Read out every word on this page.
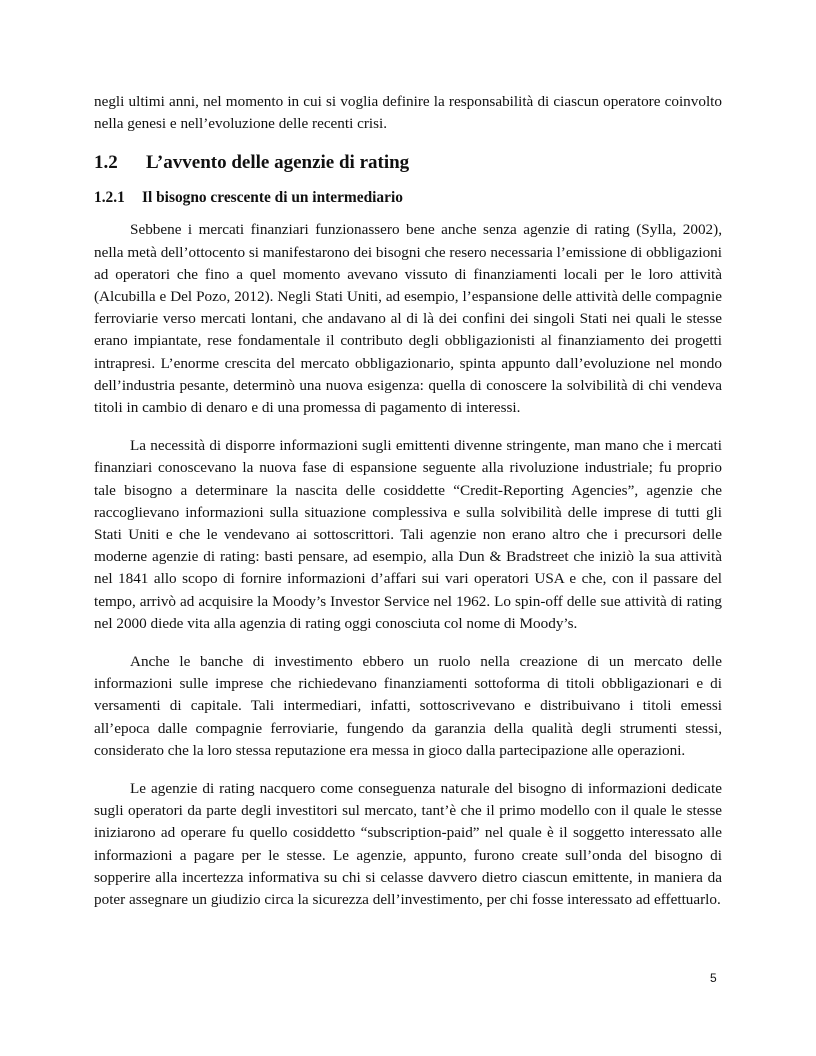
negli ultimi anni, nel momento in cui si voglia definire la responsabilità di ciascun operatore coinvolto nella genesi e nell’evoluzione delle recenti crisi.

1.2	L’avvento delle agenzie di rating
1.2.1	Il bisogno crescente di un intermediario

Sebbene i mercati finanziari funzionassero bene anche senza agenzie di rating (Sylla, 2002), nella metà dell’ottocento si manifestarono dei bisogni che resero necessaria l’emissione di obbligazioni ad operatori che fino a quel momento avevano vissuto di finanziamenti locali per le loro attività (Alcubilla e Del Pozo, 2012). Negli Stati Uniti, ad esempio, l’espansione delle attività delle compagnie ferroviarie verso mercati lontani, che andavano al di là dei confini dei singoli Stati nei quali le stesse erano impiantate, rese fondamentale il contributo degli obbligazionisti al finanziamento dei progetti intrapresi. L’enorme crescita del mercato obbligazionario, spinta appunto dall’evoluzione nel mondo dell’industria pesante, determinò una nuova esigenza: quella di conoscere la solvibilità di chi vendeva titoli in cambio di denaro e di una promessa di pagamento di interessi.

La necessità di disporre informazioni sugli emittenti divenne stringente, man mano che i mercati finanziari conoscevano la nuova fase di espansione seguente alla rivoluzione industriale; fu proprio tale bisogno a determinare la nascita delle cosiddette “Credit-Reporting Agencies”, agenzie che raccoglievano informazioni sulla situazione complessiva e sulla solvibilità delle imprese di tutti gli Stati Uniti e che le vendevano ai sottoscrittori. Tali agenzie non erano altro che i precursori delle moderne agenzie di rating: basti pensare, ad esempio, alla Dun & Bradstreet che iniziò la sua attività nel 1841 allo scopo di fornire informazioni d’affari sui vari operatori USA e che, con il passare del tempo, arrivò ad acquisire la Moody’s Investor Service nel 1962. Lo spin-off delle sue attività di rating nel 2000 diede vita alla agenzia di rating oggi conosciuta col nome di Moody’s.

Anche le banche di investimento ebbero un ruolo nella creazione di un mercato delle informazioni sulle imprese che richiedevano finanziamenti sottoforma di titoli obbligazionari e di versamenti di capitale. Tali intermediari, infatti, sottoscrivevano e distribuivano i titoli emessi all’epoca dalle compagnie ferroviarie, fungendo da garanzia della qualità degli strumenti stessi, considerato che la loro stessa reputazione era messa in gioco dalla partecipazione alle operazioni.

Le agenzie di rating nacquero come conseguenza naturale del bisogno di informazioni dedicate sugli operatori da parte degli investitori sul mercato, tant’è che il primo modello con il quale le stesse iniziarono ad operare fu quello cosiddetto “subscription-paid” nel quale è il soggetto interessato alle informazioni a pagare per le stesse. Le agenzie, appunto, furono create sull’onda del bisogno di sopperire alla incertezza informativa su chi si celasse davvero dietro ciascun emittente, in maniera da poter assegnare un giudizio circa la sicurezza dell’investimento, per chi fosse interessato ad effettuarlo.

5
